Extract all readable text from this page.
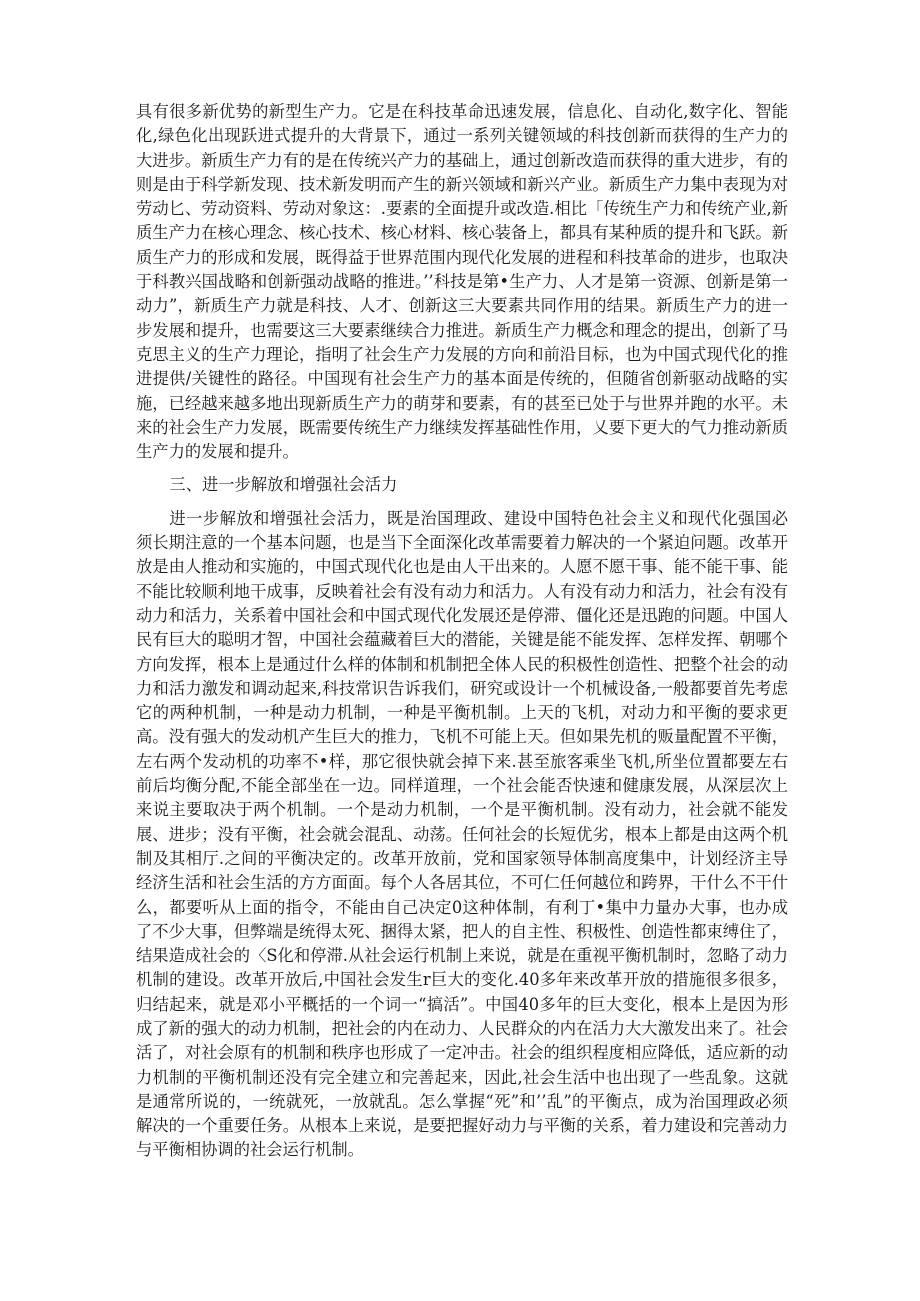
具有很多新优势的新型生产力。它是在科技革命迅速发展，信息化、自动化,数字化、智能化,绿色化出现跃进式提升的大背景下，通过一系列关键领域的科技创新而获得的生产力的大进步。新质生产力有的是在传统兴产力的基础上，通过创新改造而获得的重大进步，有的则是由于科学新发现、技术新发明而产生的新兴领域和新兴产业。新质生产力集中表现为对劳动匕、劳动资料、劳动对象这：.要素的全面提升或改造.相比「传统生产力和传统产业,新质生产力在核心理念、核心技术、核心材料、核心装备上，都具有某种质的提升和飞跃。新质生产力的形成和发展，既得益于世界范围内现代化发展的进程和科技革命的进步，也取决于科教兴国战略和创新强动战略的推进。’’科技是第•生产力、人才是第一资源、创新是第一动力”，新质生产力就是科技、人才、创新这三大要素共同作用的结果。新质生产力的进一步发展和提升，也需要这三大要素继续合力推进。新质生产力概念和理念的提出，创新了马克思主义的生产力理论，指明了社会生产力发展的方向和前沿目标，也为中国式现代化的推进提供/关键性的路径。中国现有社会生产力的基本面是传统的，但随省创新驱动战略的实施，已经越来越多地出现新质生产力的萌芽和要素，有的甚至已处于与世界并跑的水平。未来的社会生产力发展，既需要传统生产力继续发挥基础性作用，乂要下更大的气力推动新质生产力的发展和提升。

三、进一步解放和增强社会活力

进一步解放和增强社会活力，既是治国理政、建设中国特色社会主义和现代化强国必须长期注意的一个基本问题，也是当下全面深化改革需要着力解决的一个紧迫问题。改革开放是由人推动和实施的，中国式现代化也是由人干出来的。人愿不愿干事、能不能干事、能不能比较顺利地干成事，反映着社会有没有动力和活力。人有没有动力和活力，社会有没有动力和活力，关系着中国社会和中国式现代化发展还是停滞、僵化还是迅跑的问题。中国人民有巨大的聪明才智，中国社会蕴藏着巨大的潜能，关键是能不能发挥、怎样发挥、朝哪个方向发挥，根本上是通过什么样的体制和机制把全体人民的积极性创造性、把整个社会的动力和活力激发和调动起来,科技常识告诉我们，研究或设计一个机械设备,一般都要首先考虑它的两种机制，一种是动力机制，一种是平衡机制。上天的飞机，对动力和平衡的要求更高。没有强大的发动机产生巨大的推力，飞机不可能上天。但如果先机的贩量配置不平衡，左右两个发动机的功率不•样，那它很快就会掉下来.甚至旅客乘坐飞机,所坐位置都要左右前后均衡分配,不能全部坐在一边。同样道理，一个社会能否快速和健康发展，从深层次上来说主要取决于两个机制。一个是动力机制，一个是平衡机制。没有动力，社会就不能发展、进步；没有平衡，社会就会混乱、动荡。任何社会的长短优劣，根本上都是由这两个机制及其相厅.之间的平衡决定的。改革开放前，党和国家领导体制高度集中，计划经济主导经济生活和社会生活的方方面面。每个人各居其位，不可仁任何越位和跨界，干什么不干什么，都要听从上面的指令，不能由自己决定0这种体制，有利丁•集中力量办大事，也办成了不少大事，但弊端是统得太死、捆得太紧，把人的自主性、积极性、创造性都束缚住了，结果造成社会的〈S化和停滞.从社会运行机制上来说，就是在重视平衡机制时，忽略了动力机制的建设。改革开放后,中国社会发生r巨大的变化.40多年来改革开放的措施很多很多，归结起来，就是邓小平概括的一个词一“搞活”。中国40多年的巨大变化，根本上是因为形成了新的强大的动力机制，把社会的内在动力、人民群众的内在活力大大激发出来了。社会活了，对社会原有的机制和秩序也形成了一定冲击。社会的组织程度相应降低，适应新的动力机制的平衡机制还没有完全建立和完善起来，因此,社会生活中也出现了一些乱象。这就是通常所说的，一统就死，一放就乱。怎么掌握“死”和’’乱”的平衡点，成为治国理政必须解决的一个重要任务。从根本上来说，是要把握好动力与平衡的关系，着力建设和完善动力与平衡相协调的社会运行机制。
